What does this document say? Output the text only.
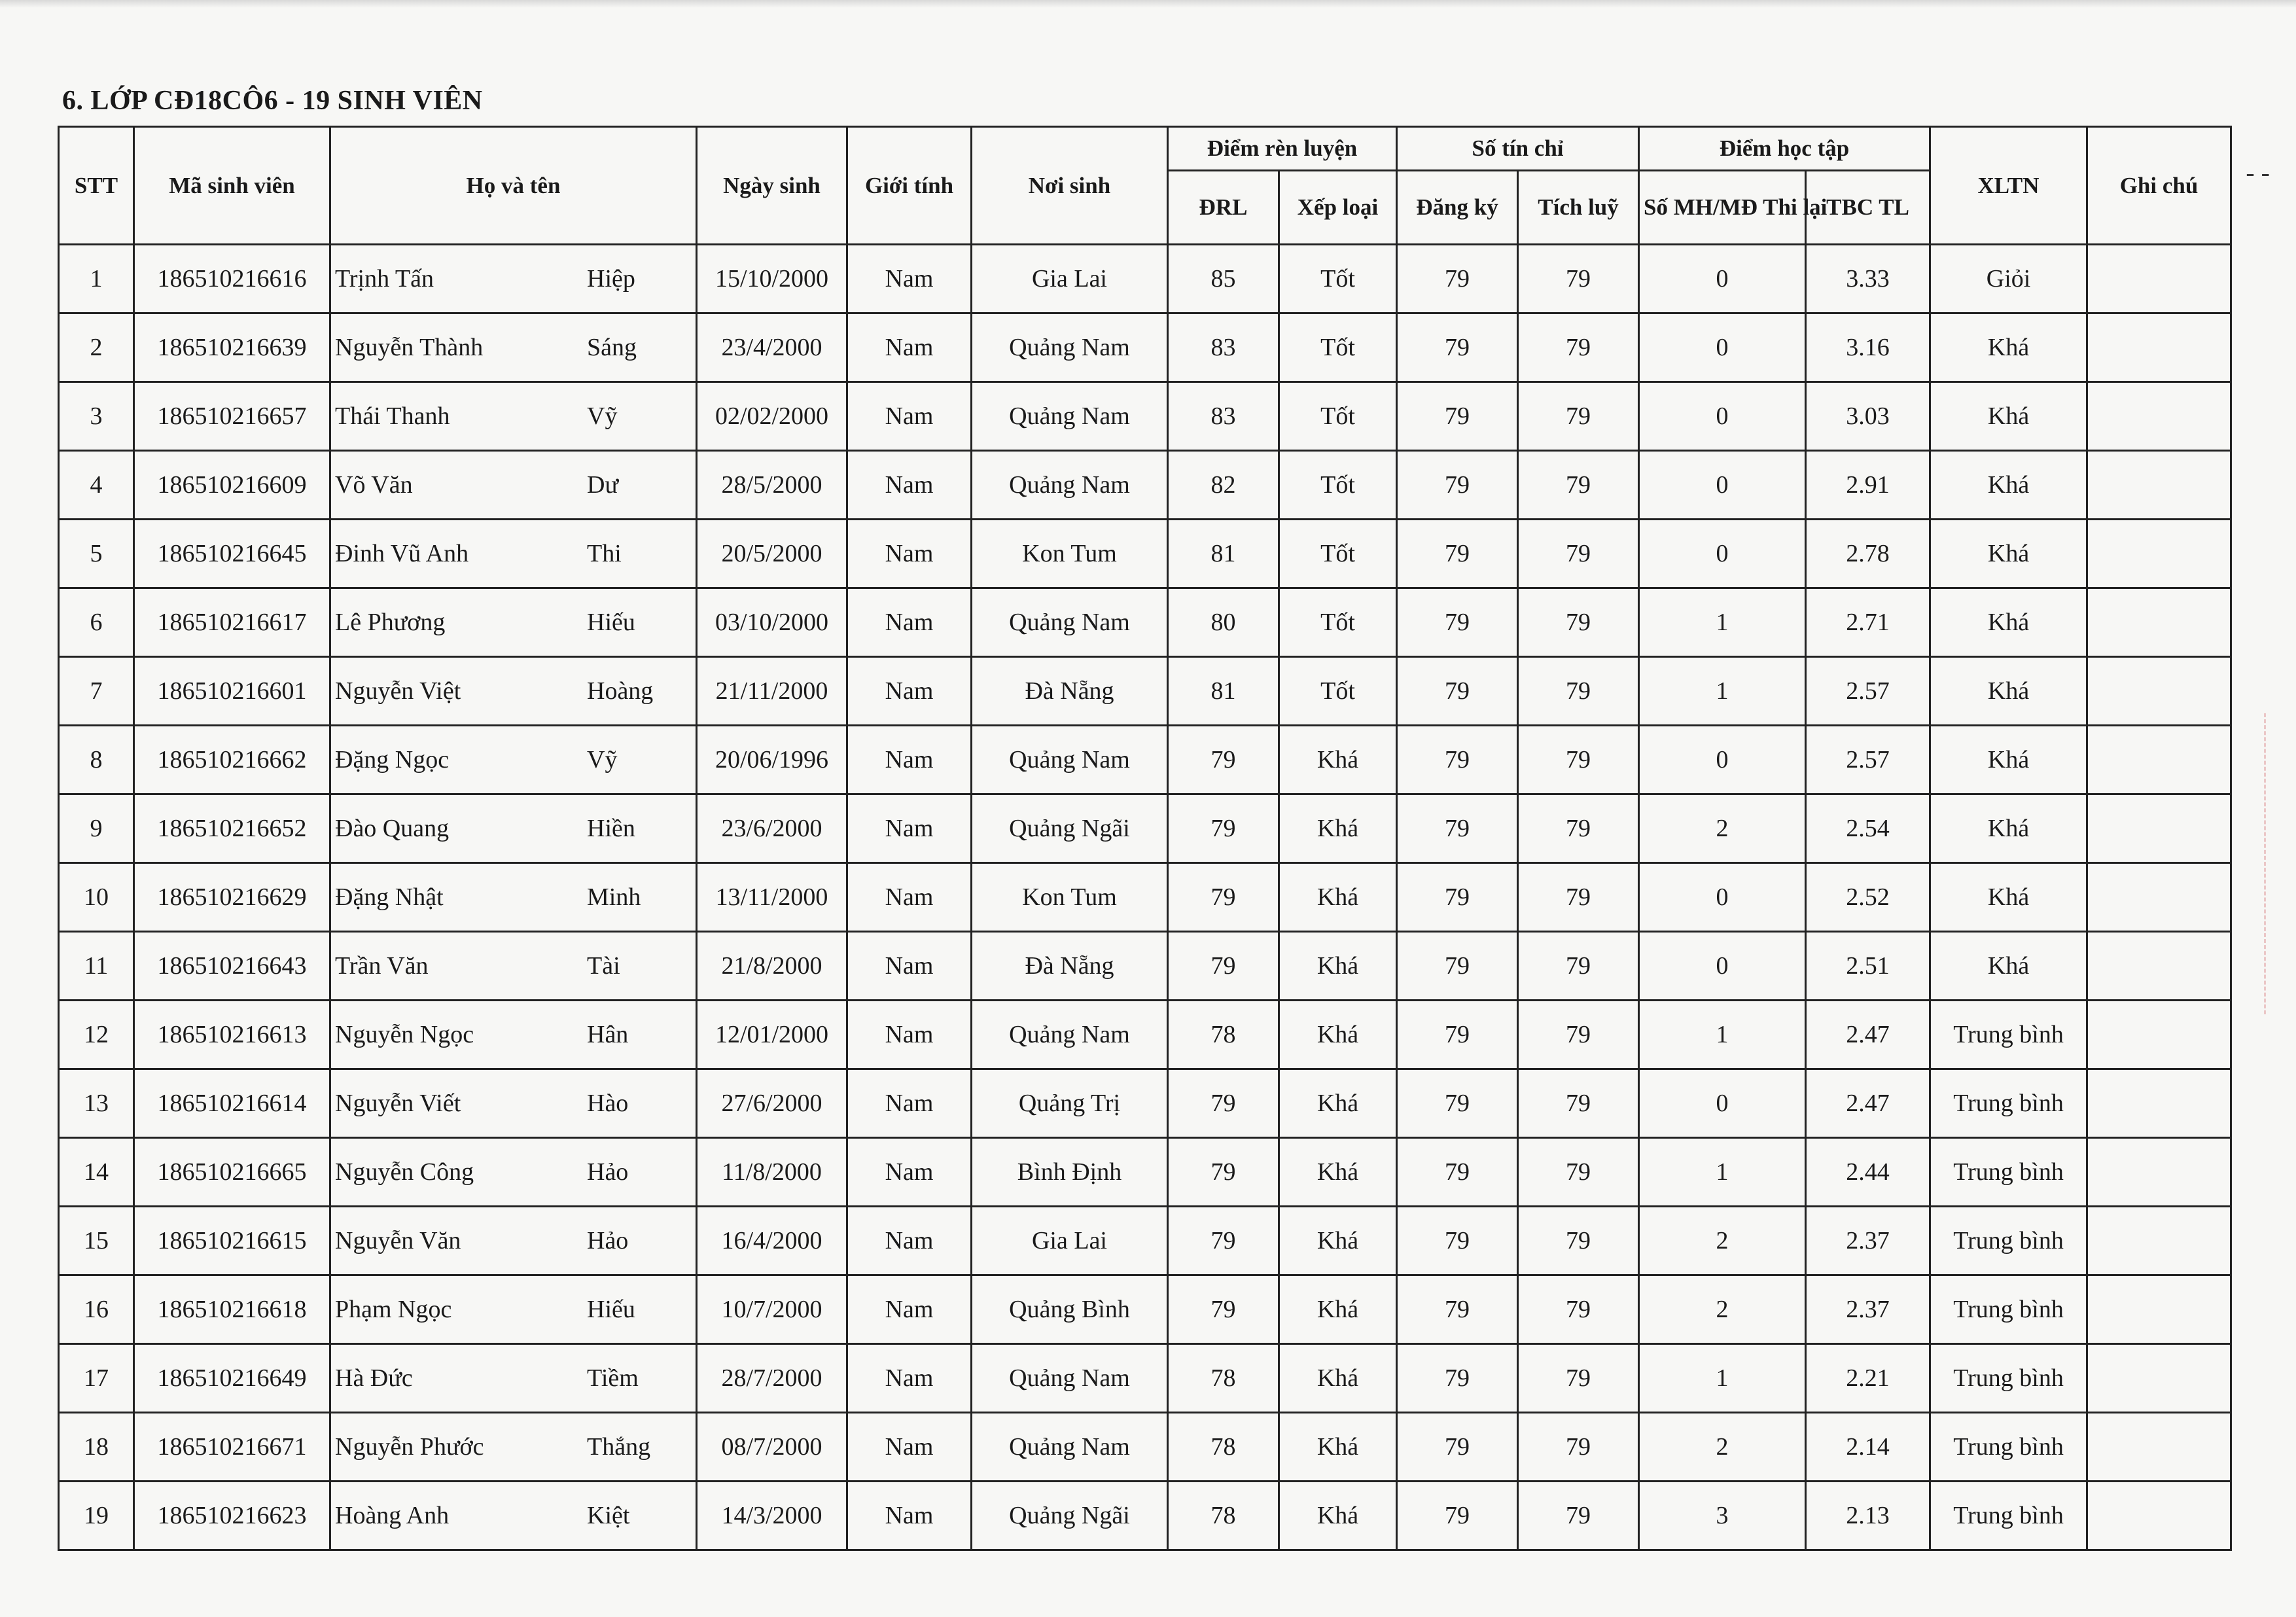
- -
6. LỚP CĐ18CÔ6 - 19 SINH VIÊN
STT	Mã sinh viên	Họ và tên	Ngày sinh	Giới tính	Nơi sinh	Điểm rèn luyện		Số tín chỉ		Điểm học tập		XLTN	Ghi chú
						ĐRL	Xếp loại	Đăng ký	Tích luỹ	Số MH/MĐ Thi lại	TBC TL		
1	186510216616	Trịnh Tấn Hiệp	15/10/2000	Nam	Gia Lai	85	Tốt	79	79	0	3.33	Giỏi	
2	186510216639	Nguyễn Thành Sáng	23/4/2000	Nam	Quảng Nam	83	Tốt	79	79	0	3.16	Khá	
3	186510216657	Thái Thanh Vỹ	02/02/2000	Nam	Quảng Nam	83	Tốt	79	79	0	3.03	Khá	
4	186510216609	Võ Văn Dư	28/5/2000	Nam	Quảng Nam	82	Tốt	79	79	0	2.91	Khá	
5	186510216645	Đinh Vũ Anh Thi	20/5/2000	Nam	Kon Tum	81	Tốt	79	79	0	2.78	Khá	
6	186510216617	Lê Phương Hiếu	03/10/2000	Nam	Quảng Nam	80	Tốt	79	79	1	2.71	Khá	
7	186510216601	Nguyễn Việt Hoàng	21/11/2000	Nam	Đà Nẵng	81	Tốt	79	79	1	2.57	Khá	
8	186510216662	Đặng Ngọc Vỹ	20/06/1996	Nam	Quảng Nam	79	Khá	79	79	0	2.57	Khá	
9	186510216652	Đào Quang Hiền	23/6/2000	Nam	Quảng Ngãi	79	Khá	79	79	2	2.54	Khá	
10	186510216629	Đặng Nhật Minh	13/11/2000	Nam	Kon Tum	79	Khá	79	79	0	2.52	Khá	
11	186510216643	Trần Văn Tài	21/8/2000	Nam	Đà Nẵng	79	Khá	79	79	0	2.51	Khá	
12	186510216613	Nguyễn Ngọc Hân	12/01/2000	Nam	Quảng Nam	78	Khá	79	79	1	2.47	Trung bình	
13	186510216614	Nguyễn Viết Hào	27/6/2000	Nam	Quảng Trị	79	Khá	79	79	0	2.47	Trung bình	
14	186510216665	Nguyễn Công Hảo	11/8/2000	Nam	Bình Định	79	Khá	79	79	1	2.44	Trung bình	
15	186510216615	Nguyễn Văn Hảo	16/4/2000	Nam	Gia Lai	79	Khá	79	79	2	2.37	Trung bình	
16	186510216618	Phạm Ngọc Hiếu	10/7/2000	Nam	Quảng Bình	79	Khá	79	79	2	2.37	Trung bình	
17	186510216649	Hà Đức Tiềm	28/7/2000	Nam	Quảng Nam	78	Khá	79	79	1	2.21	Trung bình	
18	186510216671	Nguyễn Phước Thắng	08/7/2000	Nam	Quảng Nam	78	Khá	79	79	2	2.14	Trung bình	
19	186510216623	Hoàng Anh Kiệt	14/3/2000	Nam	Quảng Ngãi	78	Khá	79	79	3	2.13	Trung bình	
